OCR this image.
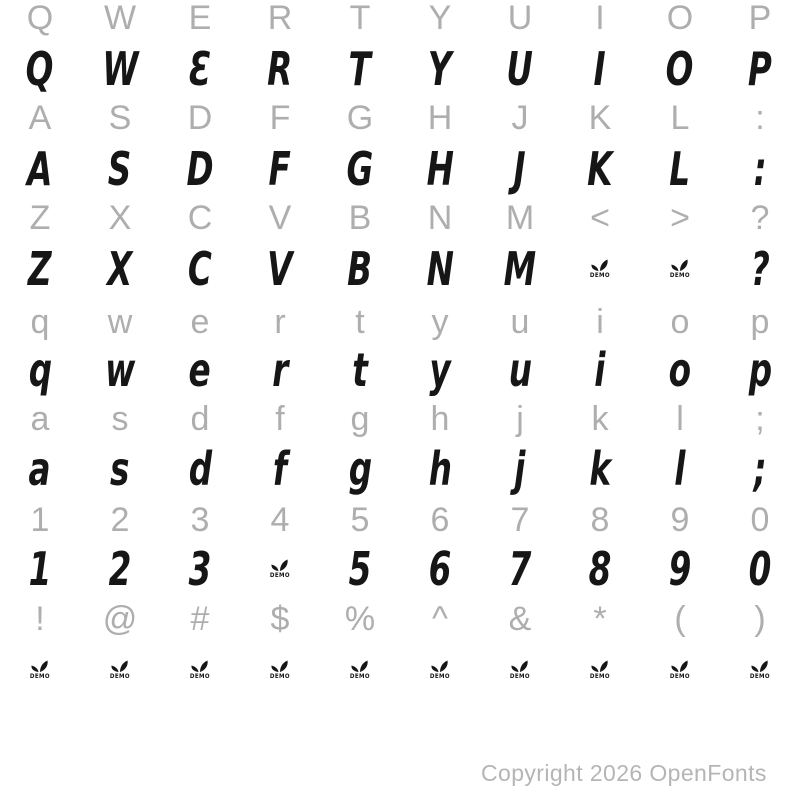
Q W E R T Y U I O P
Q W Ɛ R T Y U I O P
A S D F G H J K L :
A S D F G H J K L :
Z X C V B N M < > ?
Z X C V B N M	DEMO	DEMO ?
q w e r t y u i o p
q w e r t y u i o p
a s d f g h j k l ;
a s d f g h j k l ;
1 2 3 4 5 6 7 8 9 0
1 2 3	DEMO 5 6 7 8 9 0
! @ # $ % ^ & * ( )
DEMO	DEMO	DEMO	DEMO	DEMO	DEMO	DEMO	DEMO	DEMO	DEMO
Copyright 2026 OpenFonts
